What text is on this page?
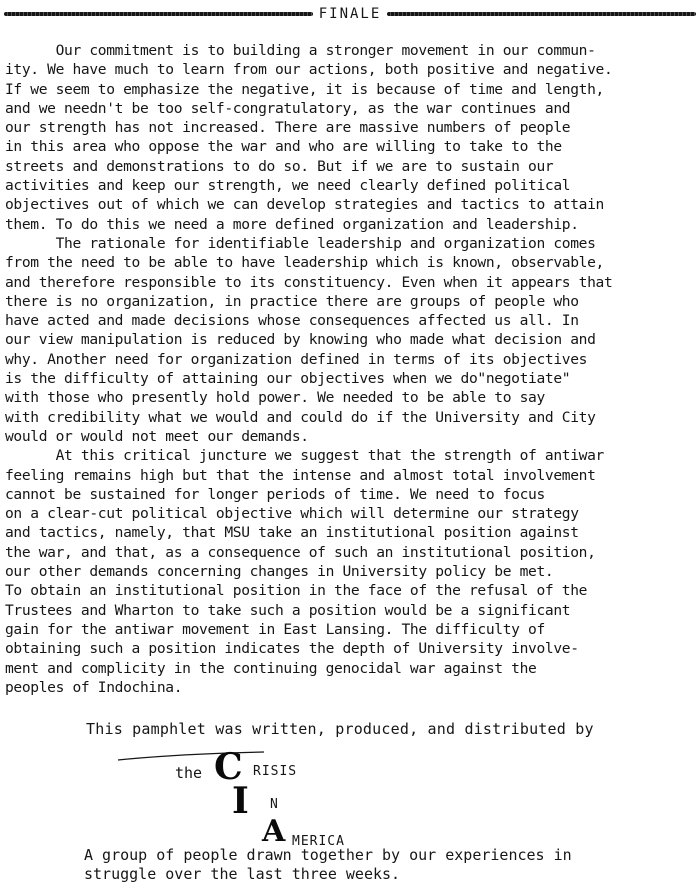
FINALE
Our commitment is to building a stronger movement in our commun-
ity. We have much to learn from our actions, both positive and negative.
If we seem to emphasize the negative, it is because of time and length,
and we needn't be too self-congratulatory, as the war continues and
our strength has not increased. There are massive numbers of people
in this area who oppose the war and who are willing to take to the
streets and demonstrations to do so. But if we are to sustain our
activities and keep our strength, we need clearly defined political
objectives out of which we can develop strategies and tactics to attain
them. To do this we need a more defined organization and leadership.
The rationale for identifiable leadership and organization comes
from the need to be able to have leadership which is known, observable,
and therefore responsible to its constituency. Even when it appears that
there is no organization, in practice there are groups of people who
have acted and made decisions whose consequences affected us all. In
our view manipulation is reduced by knowing who made what decision and
why. Another need for organization defined in terms of its objectives
is the difficulty of attaining our objectives when we do"negotiate"
with those who presently hold power. We needed to be able to say
with credibility what we would and could do if the University and City
would or would not meet our demands.
At this critical juncture we suggest that the strength of antiwar
feeling remains high but that the intense and almost total involvement
cannot be sustained for longer periods of time. We need to focus
on a clear-cut political objective which will determine our strategy
and tactics, namely, that MSU take an institutional position against
the war, and that, as a consequence of such an institutional position,
our other demands concerning changes in University policy be met.
To obtain an institutional position in the face of the refusal of the
Trustees and Wharton to take such a position would be a significant
gain for the antiwar movement in East Lansing. The difficulty of
obtaining such a position indicates the depth of University involve-
ment and complicity in the continuing genocidal war against the
peoples of Indochina.
This pamphlet was written, produced, and distributed by
the C RISIS
I N
A MERICA
A group of people drawn together by our experiences in
struggle over the last three weeks.
